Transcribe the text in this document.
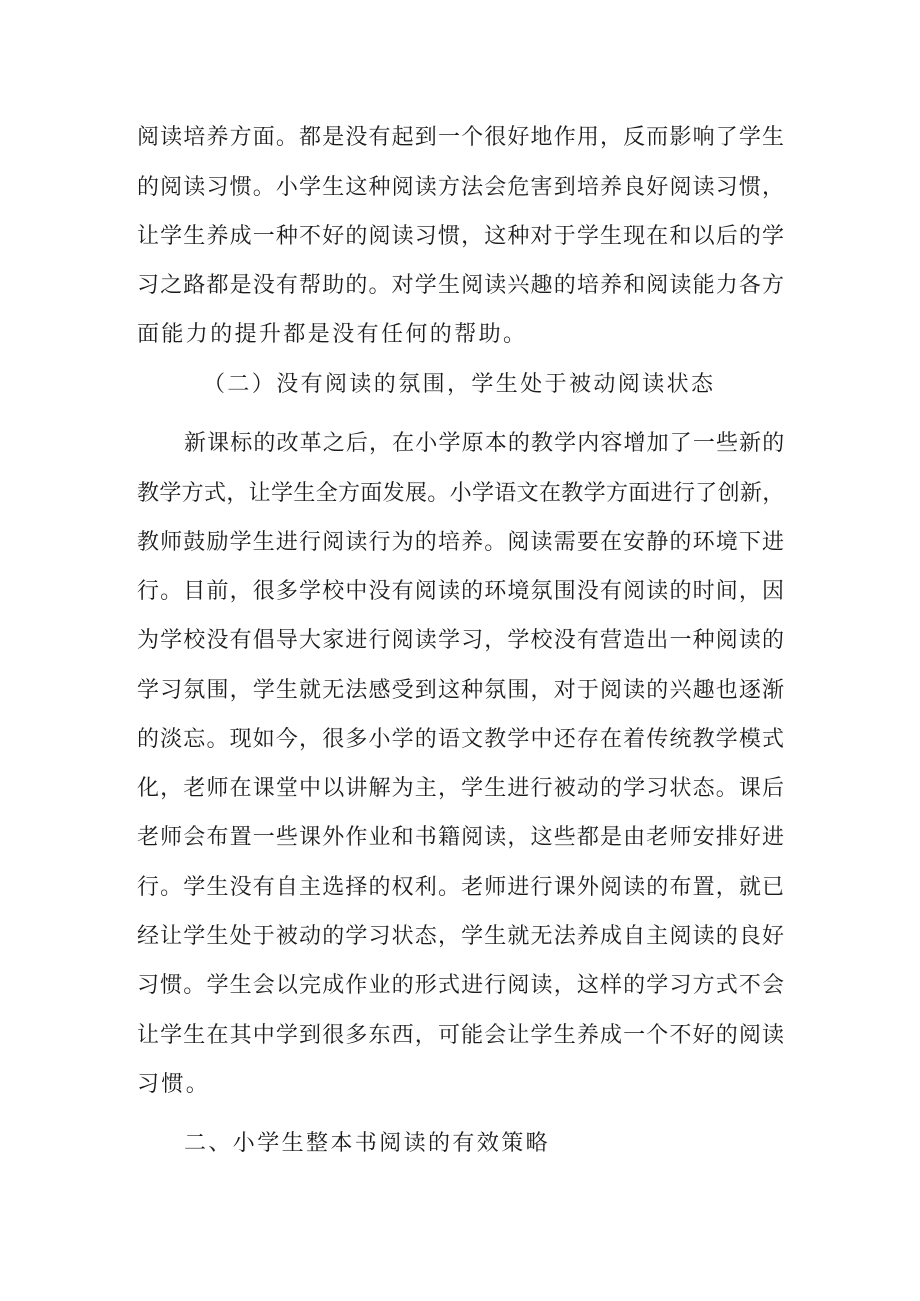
阅读培养方面。都是没有起到一个很好地作用，反而影响了学生
的阅读习惯。小学生这种阅读方法会危害到培养良好阅读习惯，
让学生养成一种不好的阅读习惯，这种对于学生现在和以后的学
习之路都是没有帮助的。对学生阅读兴趣的培养和阅读能力各方
面能力的提升都是没有任何的帮助。
（二）没有阅读的氛围，学生处于被动阅读状态
新课标的改革之后，在小学原本的教学内容增加了一些新的
教学方式，让学生全方面发展。小学语文在教学方面进行了创新，
教师鼓励学生进行阅读行为的培养。阅读需要在安静的环境下进
行。目前，很多学校中没有阅读的环境氛围没有阅读的时间，因
为学校没有倡导大家进行阅读学习，学校没有营造出一种阅读的
学习氛围，学生就无法感受到这种氛围，对于阅读的兴趣也逐渐
的淡忘。现如今，很多小学的语文教学中还存在着传统教学模式
化，老师在课堂中以讲解为主，学生进行被动的学习状态。课后
老师会布置一些课外作业和书籍阅读，这些都是由老师安排好进
行。学生没有自主选择的权利。老师进行课外阅读的布置，就已
经让学生处于被动的学习状态，学生就无法养成自主阅读的良好
习惯。学生会以完成作业的形式进行阅读，这样的学习方式不会
让学生在其中学到很多东西，可能会让学生养成一个不好的阅读
习惯。
二、小学生整本书阅读的有效策略
